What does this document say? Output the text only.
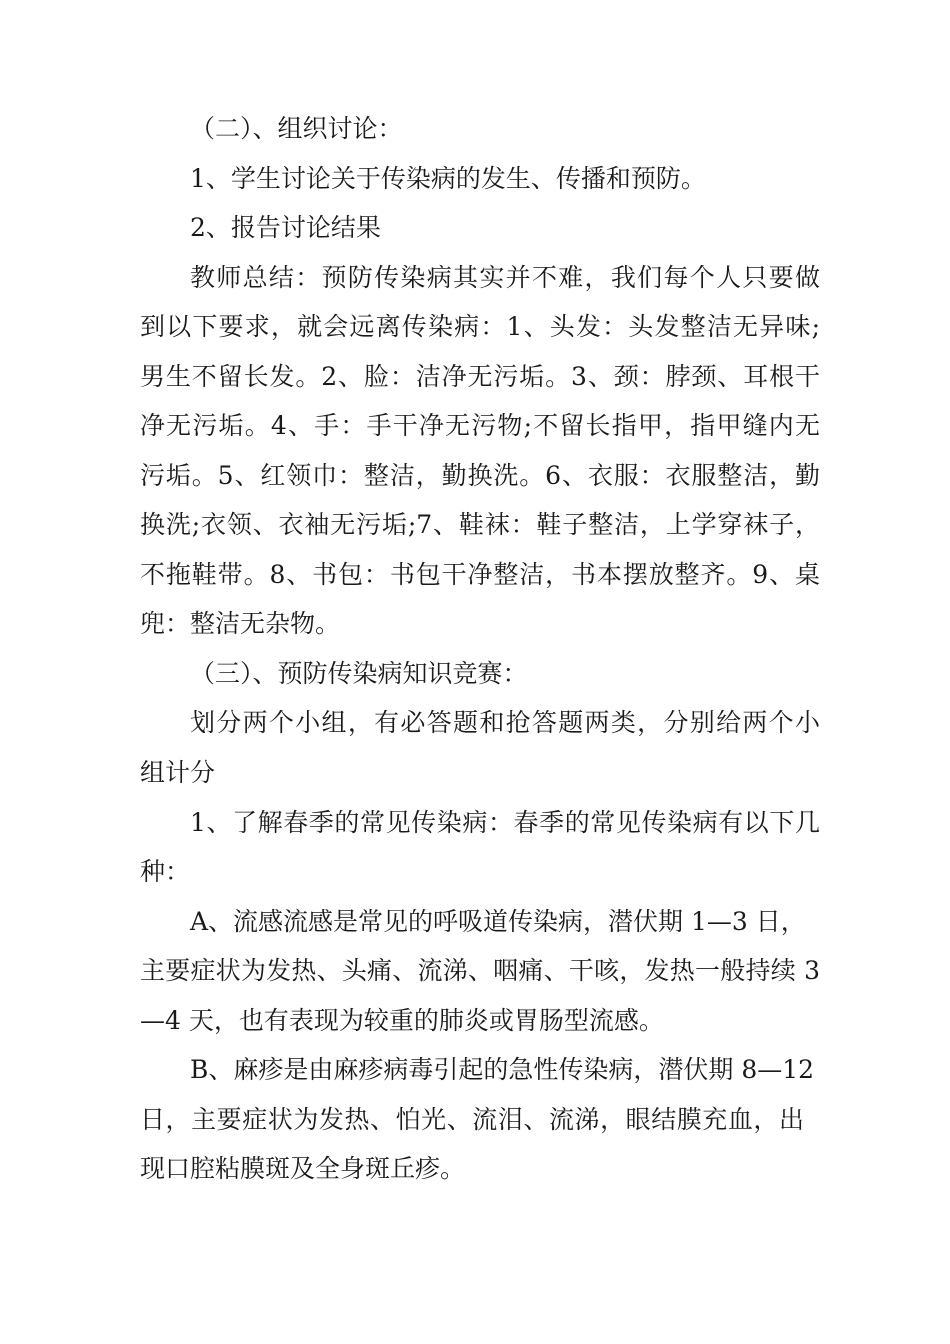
（二）、组织讨论：
1、学生讨论关于传染病的发生、传播和预防。
2、报告讨论结果
教师总结：预防传染病其实并不难，我们每个人只要做
到以下要求，就会远离传染病：1、头发：头发整洁无异味;
男生不留长发。2、脸：洁净无污垢。3、颈：脖颈、耳根干
净无污垢。4、手：手干净无污物;不留长指甲，指甲缝内无
污垢。5、红领巾：整洁，勤换洗。6、衣服：衣服整洁，勤
换洗;衣领、衣袖无污垢;7、鞋袜：鞋子整洁，上学穿袜子，
不拖鞋带。8、书包：书包干净整洁，书本摆放整齐。9、桌
兜：整洁无杂物。
（三）、预防传染病知识竞赛：
划分两个小组，有必答题和抢答题两类，分别给两个小
组计分
1、了解春季的常见传染病：春季的常见传染病有以下几
种：
A、流感流感是常见的呼吸道传染病，潜伏期 1—3 日，
主要症状为发热、头痛、流涕、咽痛、干咳，发热一般持续 3
—4 天，也有表现为较重的肺炎或胃肠型流感。
B、麻疹是由麻疹病毒引起的急性传染病，潜伏期 8—12
日，主要症状为发热、怕光、流泪、流涕，眼结膜充血，出
现口腔粘膜斑及全身斑丘疹。
